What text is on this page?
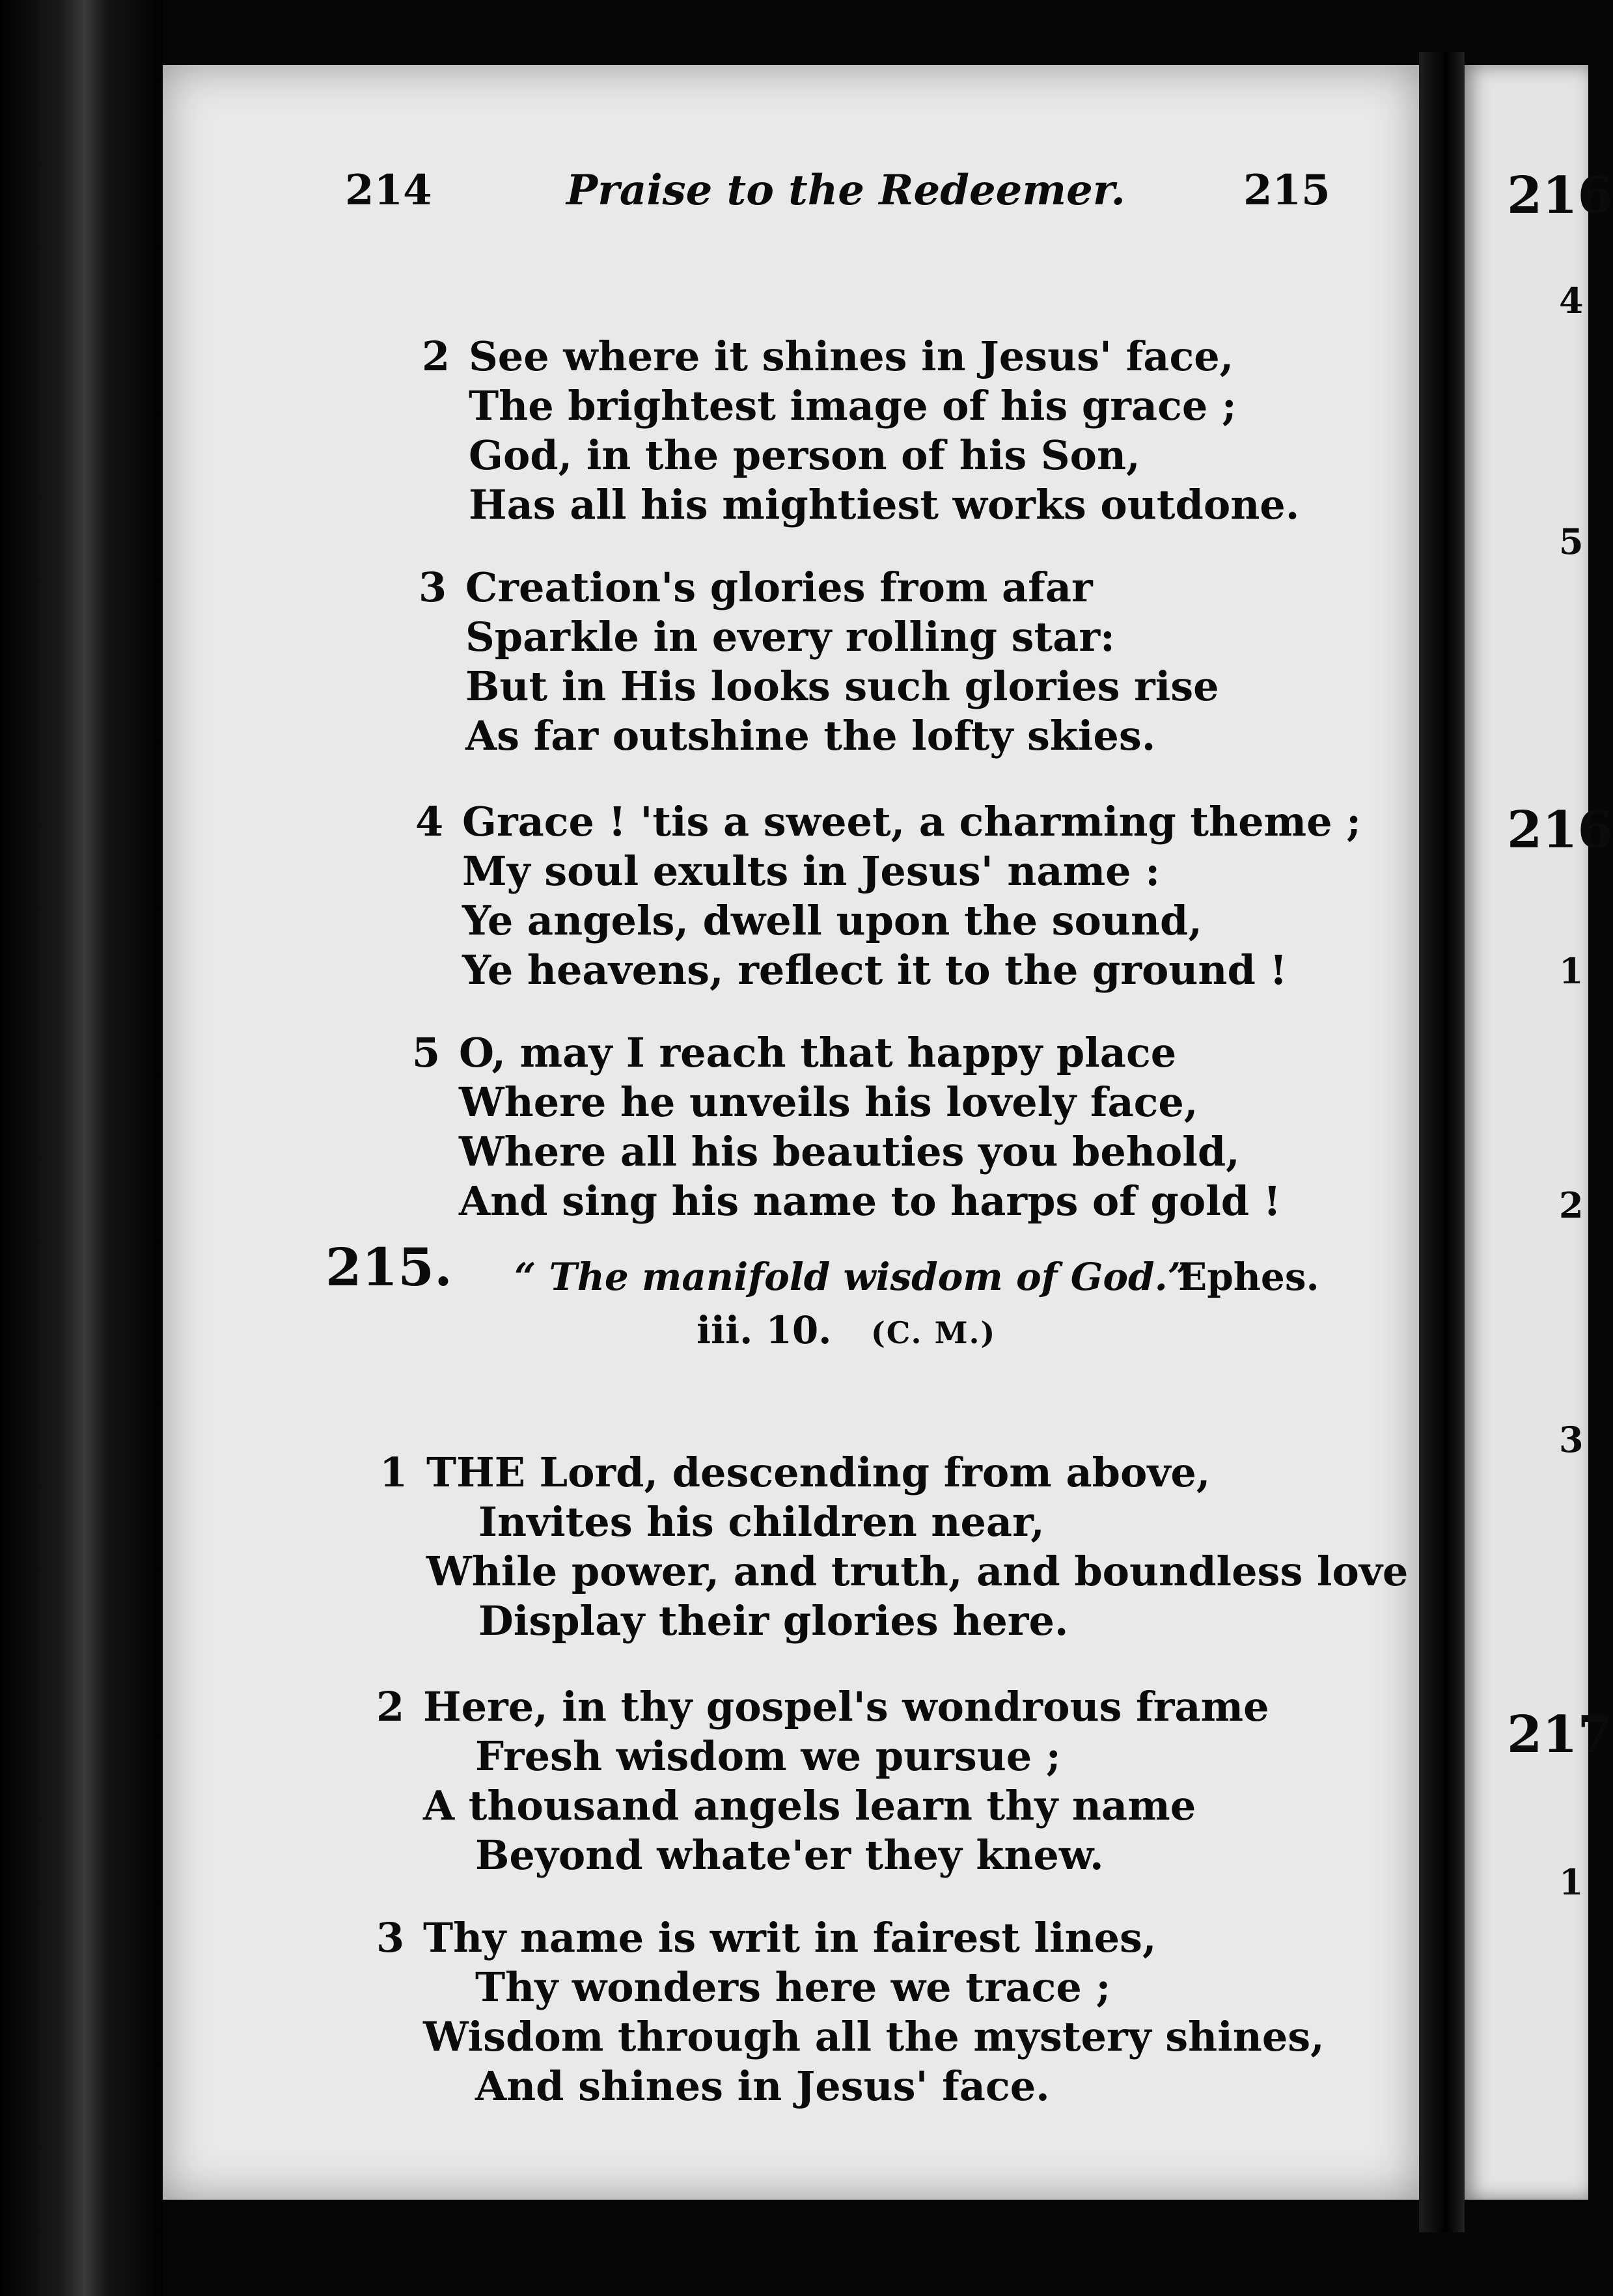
214	Praise to the Redeemer.	215
2 See where it shines in Jesus' face,
The brightest image of his grace ;
God, in the person of his Son,
Has all his mightiest works outdone.
3 Creation's glories from afar
Sparkle in every rolling star:
But in His looks such glories rise
As far outshine the lofty skies.
4 Grace ! 'tis a sweet, a charming theme ;
My soul exults in Jesus' name :
Ye angels, dwell upon the sound,
Ye heavens, reflect it to the ground !
5 O, may I reach that happy place
Where he unveils his lovely face,
Where all his beauties you behold,
And sing his name to harps of gold !
215. “ The manifold wisdom of God.”
Ephes.
iii. 10. (C. M.)
1 THE Lord, descending from above,
Invites his children near,
While power, and truth, and boundless love
Display their glories here.
2 Here, in thy gospel's wondrous frame
Fresh wisdom we pursue ;
A thousand angels learn thy name
Beyond whate'er they knew.
3 Thy name is writ in fairest lines,
Thy wonders here we trace ;
Wisdom through all the mystery shines,
And shines in Jesus' face.
216
4
5
216
1
2
3
217
1
